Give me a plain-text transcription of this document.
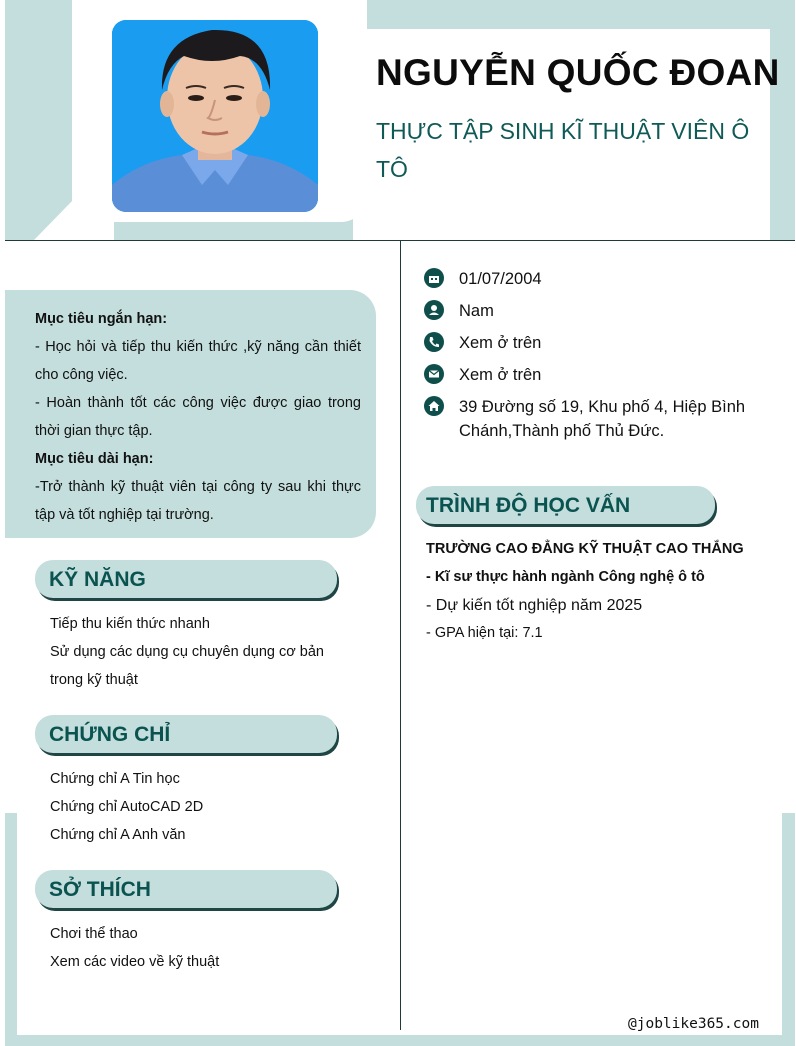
NGUYỄN QUỐC ĐOAN
THỰC TẬP SINH KĨ THUẬT VIÊN Ô TÔ

Mục tiêu ngắn hạn:

- Học hỏi và tiếp thu kiến thức ,kỹ năng cần thiết cho công việc.

- Hoàn thành tốt các công việc được giao trong thời gian thực tập.

Mục tiêu dài hạn:

-Trở thành kỹ thuật viên tại công ty sau khi thực tập và tốt nghiệp tại trường.

KỸ NĂNG
Tiếp thu kiến thức nhanh
Sử dụng các dụng cụ chuyên dụng cơ bản trong kỹ thuật
CHỨNG CHỈ
Chứng chỉ A Tin học
Chứng chỉ AutoCAD 2D
Chứng chỉ A Anh văn
SỞ THÍCH
Chơi thể thao
Xem các video về kỹ thuật
01/07/2004
Nam
Xem ở trên
Xem ở trên
39 Đường số 19, Khu phố 4, Hiệp Bình Chánh,Thành phố Thủ Đức.
TRÌNH ĐỘ HỌC VẤN
TRƯỜNG CAO ĐẲNG KỸ THUẬT CAO THẮNG
- Kĩ sư thực hành ngành Công nghệ ô tô
- Dự kiến tốt nghiệp năm 2025
- GPA hiện tại: 7.1
@joblike365.com
